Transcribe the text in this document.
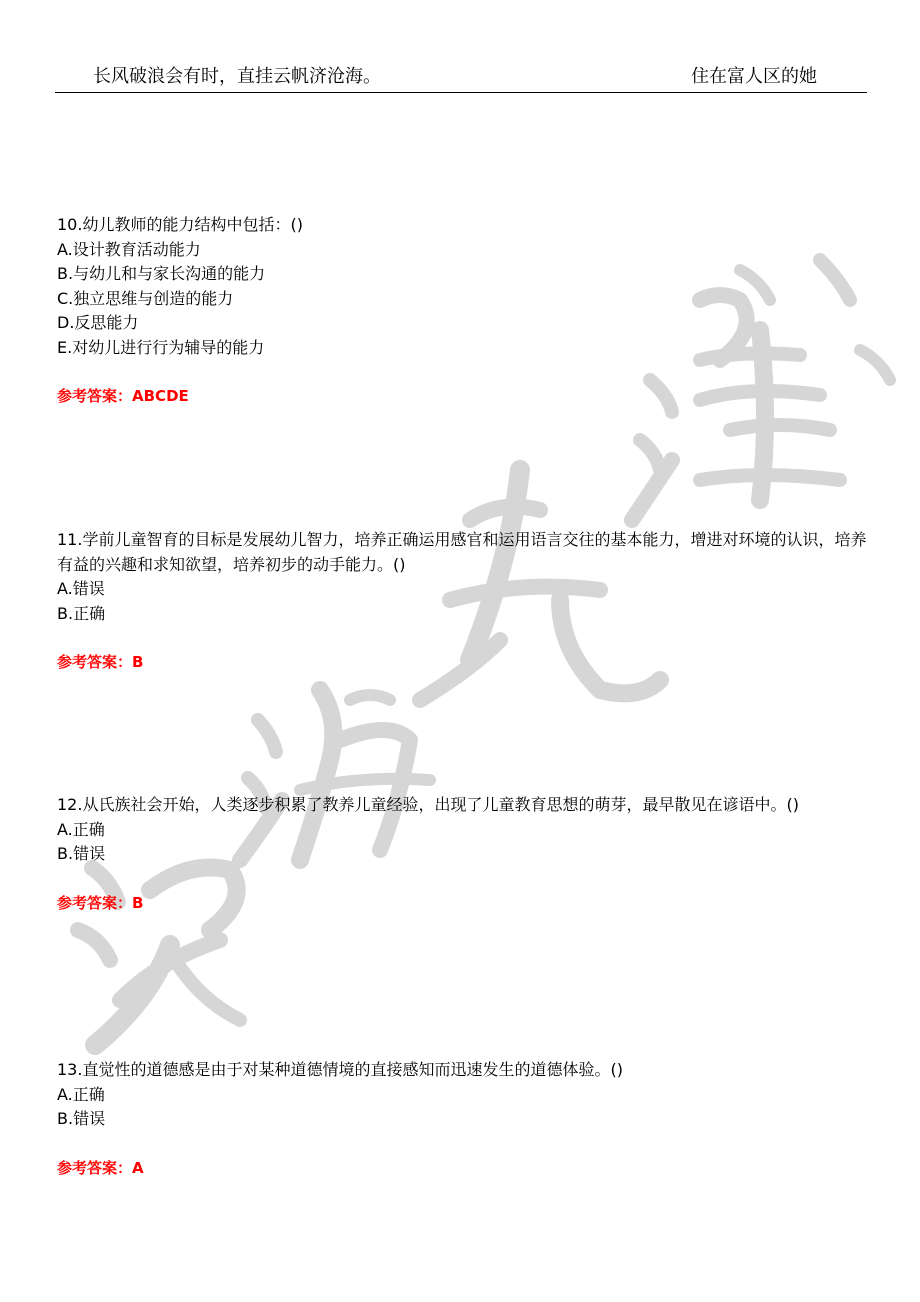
长风破浪会有时，直挂云帆济沧海。	住在富人区的她

10.幼儿教师的能力结构中包括：()

A.设计教育活动能力

B.与幼儿和与家长沟通的能力

C.独立思维与创造的能力

D.反思能力

E.对幼儿进行行为辅导的能力

参考答案：ABCDE

11.学前儿童智育的目标是发展幼儿智力，培养正确运用感官和运用语言交往的基本能力，增进对环境的认识，培养有益的兴趣和求知欲望，培养初步的动手能力。()

A.错误

B.正确

参考答案：B

12.从氏族社会开始，人类逐步积累了教养儿童经验，出现了儿童教育思想的萌芽，最早散见在谚语中。()

A.正确

B.错误

参考答案：B

13.直觉性的道德感是由于对某种道德情境的直接感知而迅速发生的道德体验。()

A.正确

B.错误

参考答案：A
